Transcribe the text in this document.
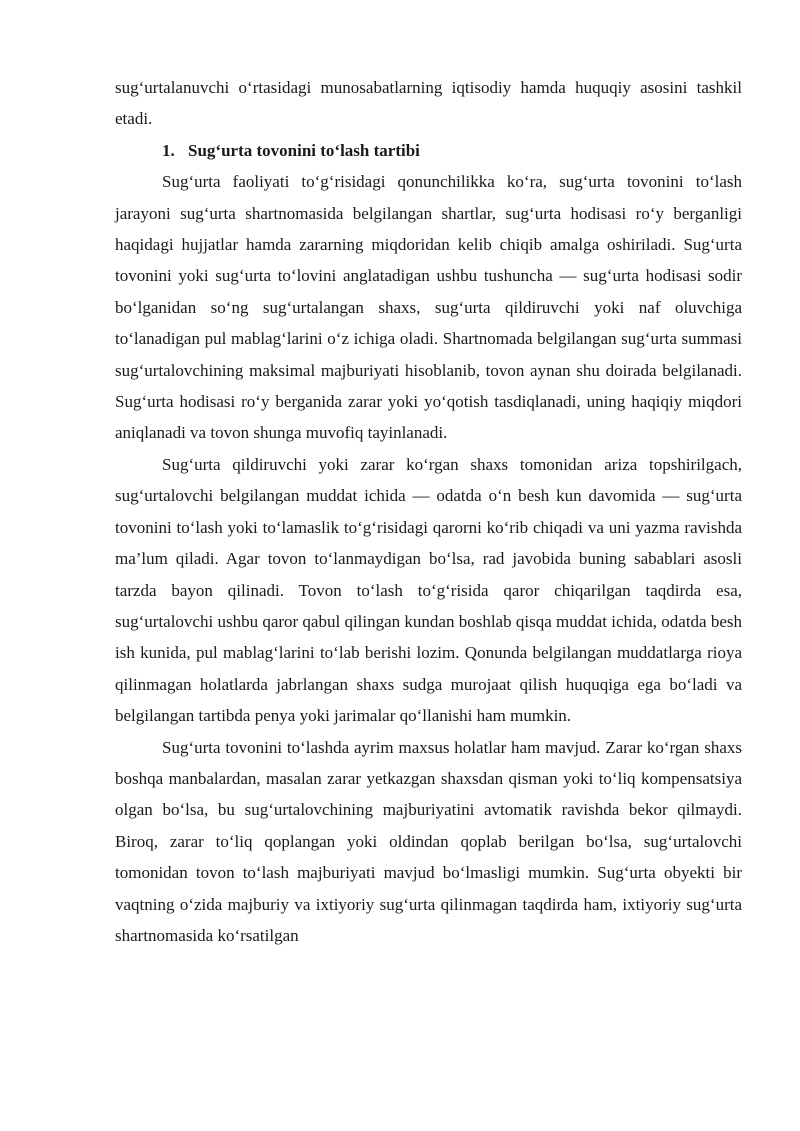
sug‘urtalanuvchi o‘rtasidagi munosabatlarning iqtisodiy hamda huquqiy asosini tashkil etadi.

1. Sug‘urta tovonini to‘lash tartibi

Sug‘urta faoliyati to‘g‘risidagi qonunchilikka ko‘ra, sug‘urta tovonini to‘lash jarayoni sug‘urta shartnomasida belgilangan shartlar, sug‘urta hodisasi ro‘y berganligi haqidagi hujjatlar hamda zararning miqdoridan kelib chiqib amalga oshiriladi. Sug‘urta tovonini yoki sug‘urta to‘lovini anglatadigan ushbu tushuncha — sug‘urta hodisasi sodir bo‘lganidan so‘ng sug‘urtalangan shaxs, sug‘urta qildiruvchi yoki naf oluvchiga to‘lanadigan pul mablag‘larini o‘z ichiga oladi. Shartnomada belgilangan sug‘urta summasi sug‘urtalovchining maksimal majburiyati hisoblanib, tovon aynan shu doirada belgilanadi. Sug‘urta hodisasi ro‘y berganida zarar yoki yo‘qotish tasdiqlanadi, uning haqiqiy miqdori aniqlanadi va tovon shunga muvofiq tayinlanadi.

Sug‘urta qildiruvchi yoki zarar ko‘rgan shaxs tomonidan ariza topshirilgach, sug‘urtalovchi belgilangan muddat ichida — odatda o‘n besh kun davomida — sug‘urta tovonini to‘lash yoki to‘lamaslik to‘g‘risidagi qarorni ko‘rib chiqadi va uni yazma ravishda ma’lum qiladi. Agar tovon to‘lanmaydigan bo‘lsa, rad javobida buning sabablari asosli tarzda bayon qilinadi. Tovon to‘lash to‘g‘risida qaror chiqarilgan taqdirda esa, sug‘urtalovchi ushbu qaror qabul qilingan kundan boshlab qisqa muddat ichida, odatda besh ish kunida, pul mablag‘larini to‘lab berishi lozim. Qonunda belgilangan muddatlarga rioya qilinmagan holatlarda jabrlangan shaxs sudga murojaat qilish huquqiga ega bo‘ladi va belgilangan tartibda penya yoki jarimalar qo‘llanishi ham mumkin.

Sug‘urta tovonini to‘lashda ayrim maxsus holatlar ham mavjud. Zarar ko‘rgan shaxs boshqa manbalardan, masalan zarar yetkazgan shaxsdan qisman yoki to‘liq kompensatsiya olgan bo‘lsa, bu sug‘urtalovchining majburiyatini avtomatik ravishda bekor qilmaydi. Biroq, zarar to‘liq qoplangan yoki oldindan qoplab berilgan bo‘lsa, sug‘urtalovchi tomonidan tovon to‘lash majburiyati mavjud bo‘lmasligi mumkin. Sug‘urta obyekti bir vaqtning o‘zida majburiy va ixtiyoriy sug‘urta qilinmagan taqdirda ham, ixtiyoriy sug‘urta shartnomasida ko‘rsatilgan
